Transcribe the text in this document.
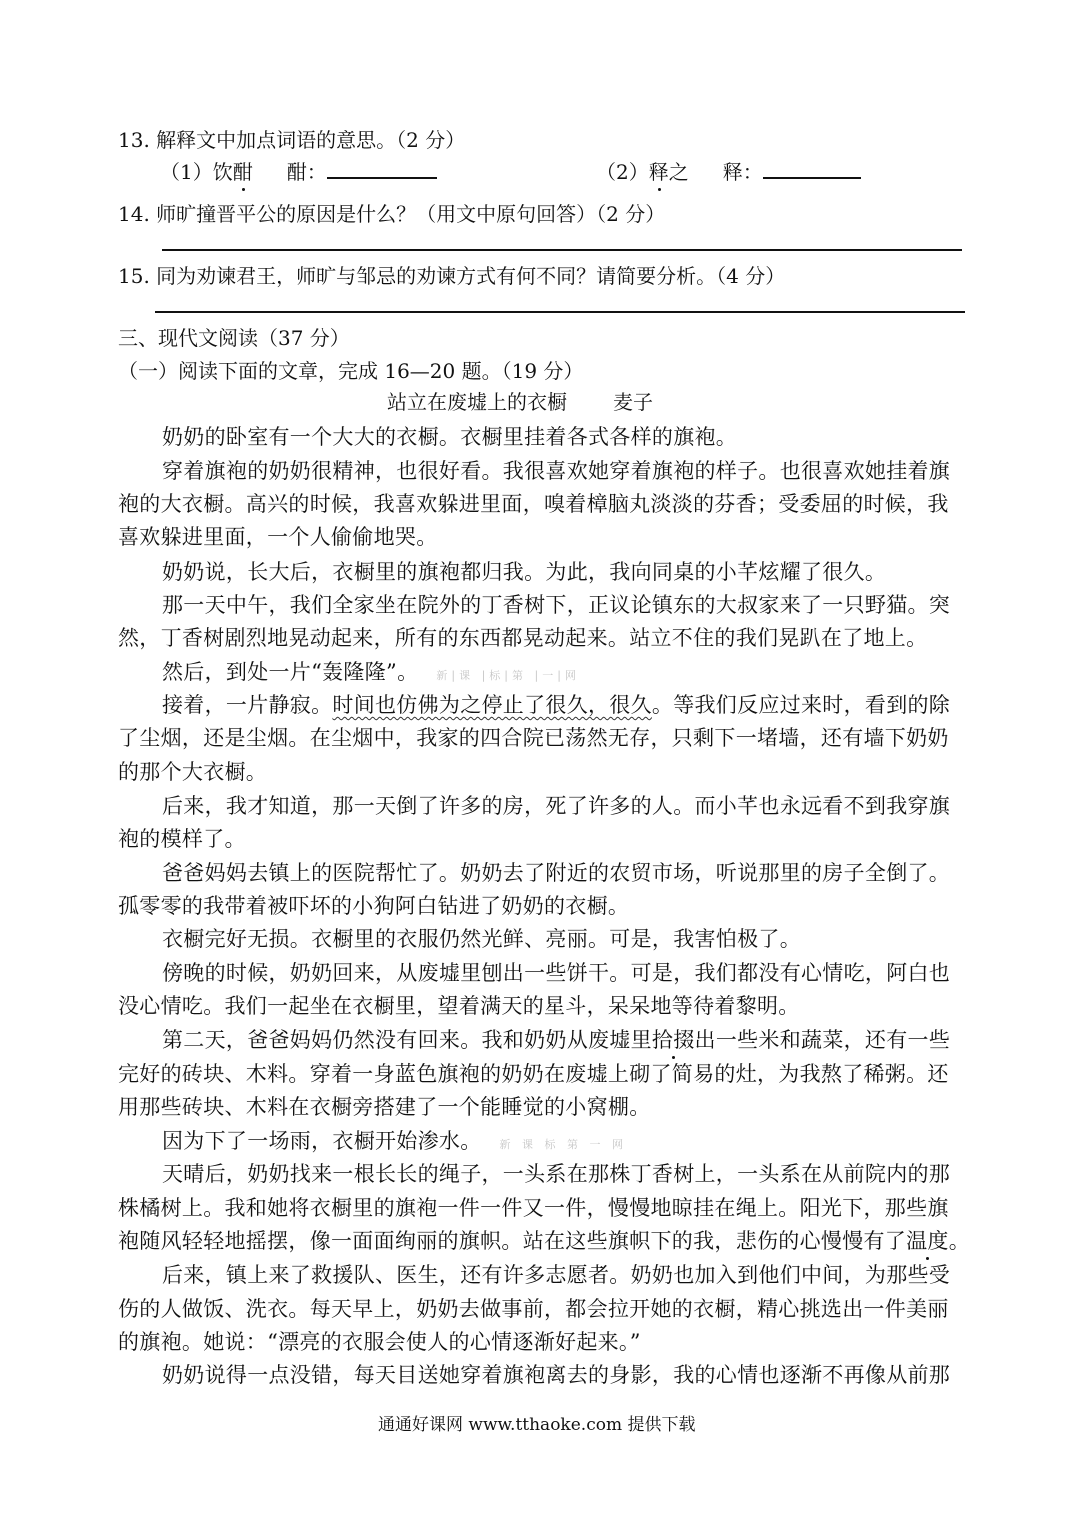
13. 解释文中加点词语的意思。（2 分）
（1）饮酣 酣：	（2）释之 释：
14. 师旷撞晋平公的原因是什么？（用文中原句回答）（2 分）
15. 同为劝谏君王，师旷与邹忌的劝谏方式有何不同？请简要分析。（4 分）
三、现代文阅读（37 分）
（一）阅读下面的文章，完成 16—20 题。（19 分）
站立在废墟上的衣橱 麦子
奶奶的卧室有一个大大的衣橱。衣橱里挂着各式各样的旗袍。
穿着旗袍的奶奶很精神，也很好看。我很喜欢她穿着旗袍的样子。也很喜欢她挂着旗
袍的大衣橱。高兴的时候，我喜欢躲进里面，嗅着樟脑丸淡淡的芬香；受委屈的时候，我
喜欢躲进里面，一个人偷偷地哭。
奶奶说，长大后，衣橱里的旗袍都归我。为此，我向同桌的小芊炫耀了很久。
那一天中午，我们全家坐在院外的丁香树下，正议论镇东的大叔家来了一只野猫。突
然，丁香树剧烈地晃动起来，所有的东西都晃动起来。站立不住的我们晃趴在了地上。
然后，到处一片“轰隆隆”。 新|课 |标|第 |一|网
接着，一片静寂。时间也仿佛为之停止了很久，很久。等我们反应过来时，看到的除
了尘烟，还是尘烟。在尘烟中，我家的四合院已荡然无存，只剩下一堵墙，还有墙下奶奶
的那个大衣橱。
后来，我才知道，那一天倒了许多的房，死了许多的人。而小芊也永远看不到我穿旗
袍的模样了。
爸爸妈妈去镇上的医院帮忙了。奶奶去了附近的农贸市场，听说那里的房子全倒了。
孤零零的我带着被吓坏的小狗阿白钻进了奶奶的衣橱。
衣橱完好无损。衣橱里的衣服仍然光鲜、亮丽。可是，我害怕极了。
傍晚的时候，奶奶回来，从废墟里刨出一些饼干。可是，我们都没有心情吃，阿白也
没心情吃。我们一起坐在衣橱里，望着满天的星斗，呆呆地等待着黎明。
第二天，爸爸妈妈仍然没有回来。我和奶奶从废墟里拾掇出一些米和蔬菜，还有一些
完好的砖块、木料。穿着一身蓝色旗袍的奶奶在废墟上砌了简易的灶，为我熬了稀粥。还
用那些砖块、木料在衣橱旁搭建了一个能睡觉的小窝棚。
因为下了一场雨，衣橱开始渗水。 新 课 标 第 一 网
天晴后，奶奶找来一根长长的绳子，一头系在那株丁香树上，一头系在从前院内的那
株橘树上。我和她将衣橱里的旗袍一件一件又一件，慢慢地晾挂在绳上。阳光下，那些旗
袍随风轻轻地摇摆，像一面面绚丽的旗帜。站在这些旗帜下的我，悲伤的心慢慢有了温度。
后来，镇上来了救援队、医生，还有许多志愿者。奶奶也加入到他们中间，为那些受
伤的人做饭、洗衣。每天早上，奶奶去做事前，都会拉开她的衣橱，精心挑选出一件美丽
的旗袍。她说：“漂亮的衣服会使人的心情逐渐好起来。”
奶奶说得一点没错，每天目送她穿着旗袍离去的身影，我的心情也逐渐不再像从前那
通通好课网 www.tthaoke.com 提供下载
